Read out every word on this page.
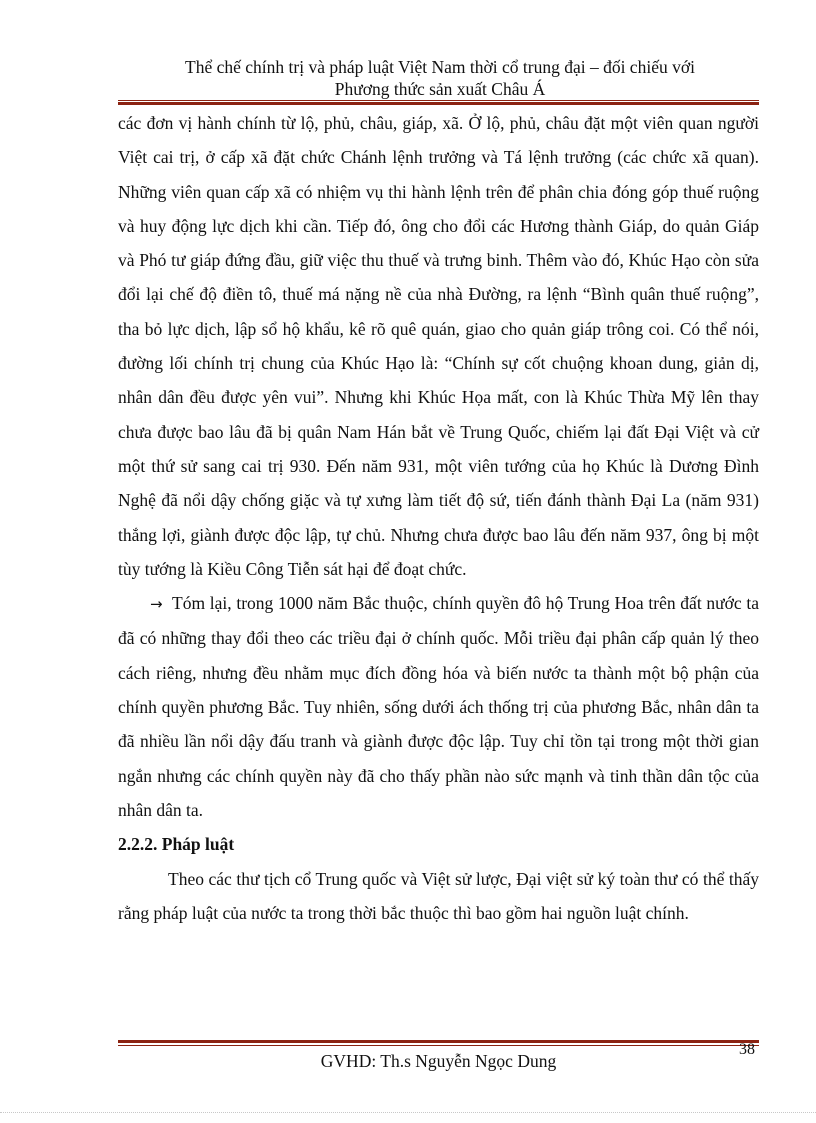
Thể chế chính trị và pháp luật Việt Nam thời cổ trung đại – đối chiếu với
Phương thức sản xuất Châu Á

các đơn vị hành chính từ lộ, phủ, châu, giáp, xã. Ở lộ, phủ, châu đặt một viên quan người Việt cai trị, ở cấp xã đặt chức Chánh lệnh trưởng và Tá lệnh trưởng (các chức xã quan). Những viên quan cấp xã có nhiệm vụ thi hành lệnh trên để phân chia đóng góp thuế ruộng và huy động lực dịch khi cần. Tiếp đó, ông cho đổi các Hương thành Giáp, do quản Giáp và Phó tư giáp đứng đầu, giữ việc thu thuế và trưng binh. Thêm vào đó, Khúc Hạo còn sửa đổi lại chế độ điền tô, thuế má nặng nề của nhà Đường, ra lệnh “Bình quân thuế ruộng”, tha bỏ lực dịch, lập sổ hộ khẩu, kê rõ quê quán, giao cho quản giáp trông coi. Có thể nói, đường lối chính trị chung của Khúc Hạo là: “Chính sự cốt chuộng khoan dung, giản dị, nhân dân đều được yên vui”. Nhưng khi Khúc Họa mất, con là Khúc Thừa Mỹ lên thay chưa được bao lâu đã bị quân Nam Hán bắt về Trung Quốc, chiếm lại đất Đại Việt và cử một thứ sử sang cai trị 930. Đến năm 931, một viên tướng của họ Khúc là Dương Đình Nghệ đã nổi dậy chống giặc và tự xưng làm tiết độ sứ, tiến đánh thành Đại La (năm 931) thắng lợi, giành được độc lập, tự chủ. Nhưng chưa được bao lâu đến năm 937, ông bị một tùy tướng là Kiều Công Tiễn sát hại để đoạt chức.

→ Tóm lại, trong 1000 năm Bắc thuộc, chính quyền đô hộ Trung Hoa trên đất nước ta đã có những thay đổi theo các triều đại ở chính quốc. Mỗi triều đại phân cấp quản lý theo cách riêng, nhưng đều nhằm mục đích đồng hóa và biến nước ta thành một bộ phận của chính quyền phương Bắc. Tuy nhiên, sống dưới ách thống trị của phương Bắc, nhân dân ta đã nhiều lần nổi dậy đấu tranh và giành được độc lập. Tuy chỉ tồn tại trong một thời gian ngắn nhưng các chính quyền này đã cho thấy phần nào sức mạnh và tinh thần dân tộc của nhân dân ta.

2.2.2. Pháp luật

Theo các thư tịch cổ Trung quốc và Việt sử lược, Đại việt sử ký toàn thư có thể thấy rằng pháp luật của nước ta trong thời bắc thuộc thì bao gồm hai nguồn luật chính.

GVHD: Th.s Nguyễn Ngọc Dung
38
